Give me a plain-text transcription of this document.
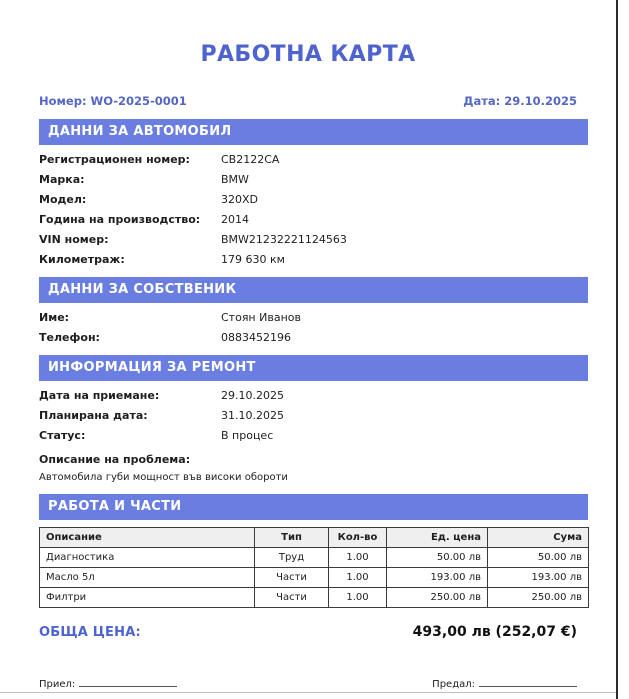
РАБОТНА КАРТА
Номер: WO-2025-0001	Дата: 29.10.2025
ДАННИ ЗА АВТОМОБИЛ
Регистрационен номер:	CB2122CA
Марка:	BMW
Модел:	320XD
Година на производство:	2014
VIN номер:	BMW21232221124563
Километраж:	179 630 км
ДАННИ ЗА СОБСТВЕНИК
Име:	Стоян Иванов
Телефон:	0883452196
ИНФОРМАЦИЯ ЗА РЕМОНТ
Дата на приемане:	29.10.2025
Планирана дата:	31.10.2025
Статус:	В процес
Описание на проблема:
Автомобила губи мощност във високи обороти
РАБОТА И ЧАСТИ
Описание	Тип	Кол-во	Ед. цена	Сума
Диагностика	Труд	1.00	50.00 лв	50.00 лв
Масло 5л	Части	1.00	193.00 лв	193.00 лв
Филтри	Части	1.00	250.00 лв	250.00 лв
ОБЩА ЦЕНА:	493,00 лв (252,07 €)
Приел:	Предал:
